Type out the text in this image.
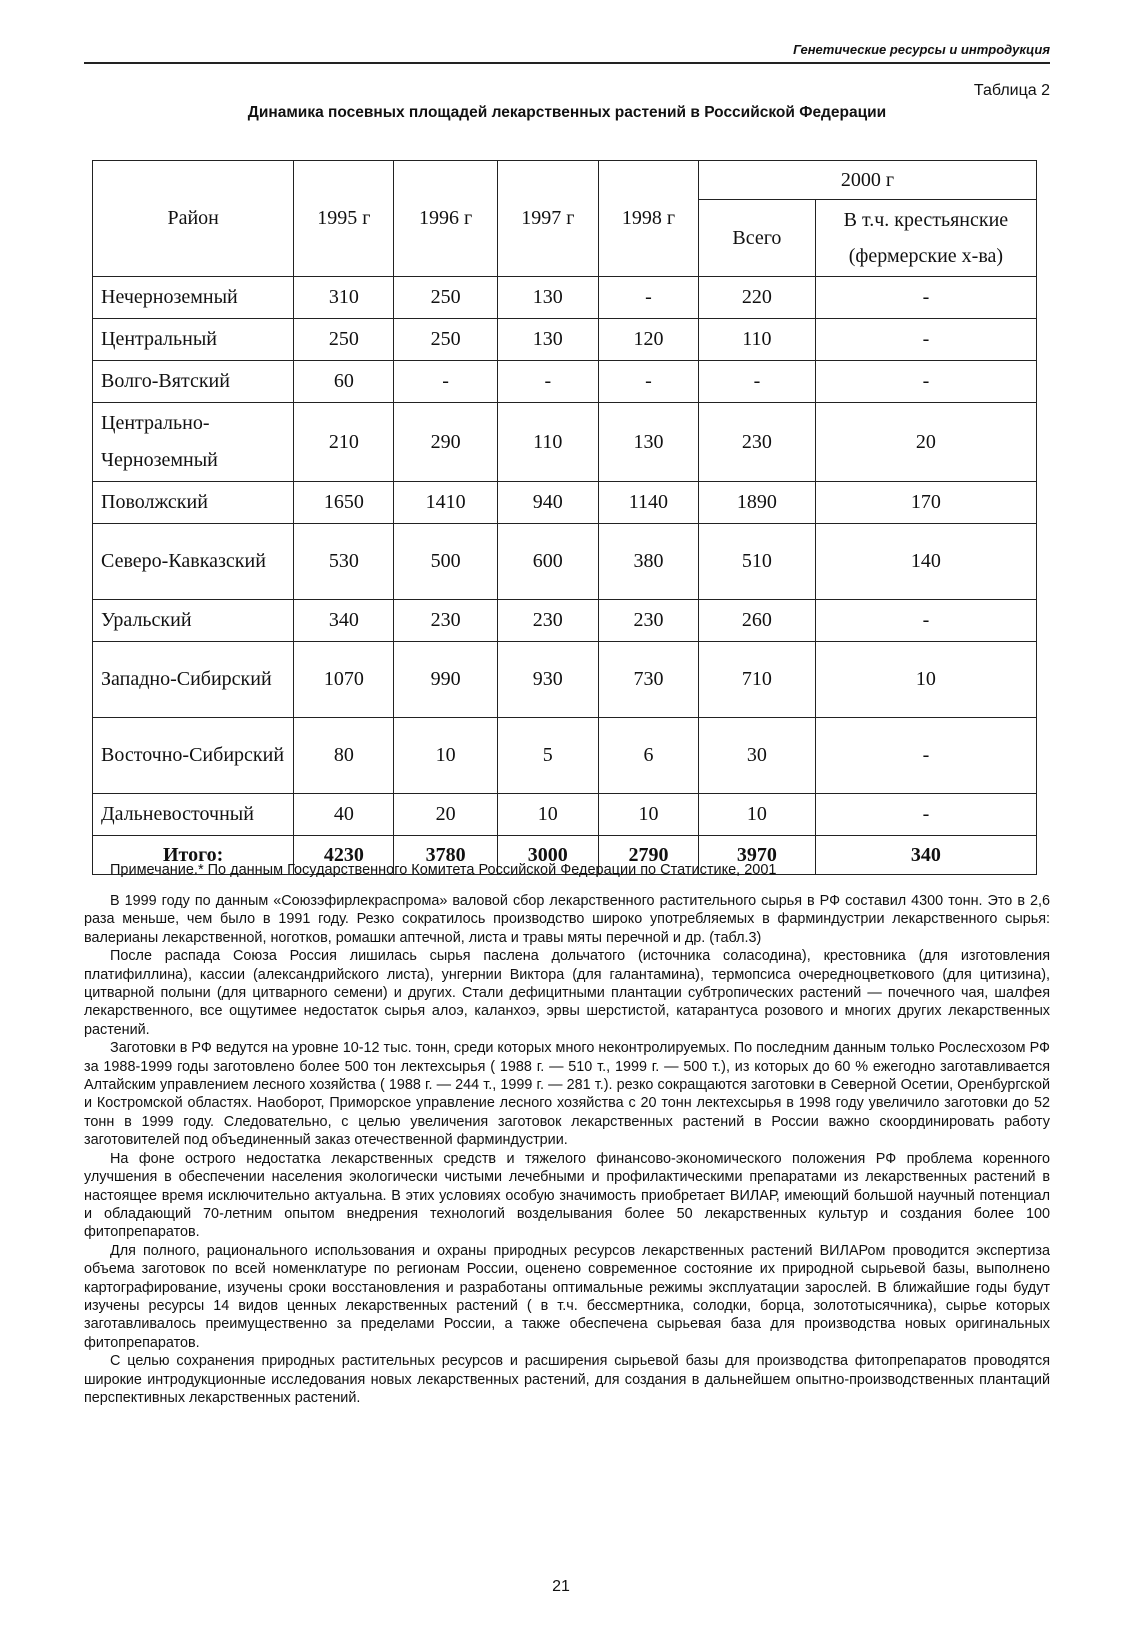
Генетические ресурсы и интродукция
Таблица 2
Динамика посевных площадей лекарственных растений в Российской Федерации
Район	1995 г	1996 г	1997 г	1998 г	2000 г	
					Всего	В т.ч. крестьянские (фермерские х-ва)
Нечерноземный	310	250	130	-	220	-
Центральный	250	250	130	120	110	-
Волго-Вятский	60	-	-	-	-	-
Центрально-Черноземный	210	290	110	130	230	20
Поволжский	1650	1410	940	1140	1890	170
Северо-Кавказский	530	500	600	380	510	140
Уральский	340	230	230	230	260	-
Западно-Сибирский	1070	990	930	730	710	10
Восточно-Сибирский	80	10	5	6	30	-
Дальневосточный	40	20	10	10	10	-
Итого:	4230	3780	3000	2790	3970	340
Примечание.* По данным Государственного Комитета Российской Федерации по Статистике, 2001

В 1999 году по данным «Союзэфирлекраспрома» валовой сбор лекарственного растительного сырья в РФ составил 4300 тонн. Это в 2,6 раза меньше, чем было в 1991 году. Резко сократилось производство широко употребляемых в фарминдустрии лекарственного сырья: валерианы лекарственной, ноготков, ромашки аптечной, листа и травы мяты перечной и др. (табл.3)

После распада Союза Россия лишилась сырья паслена дольчатого (источника соласодина), крестовника (для изготовления платифиллина), кассии (александрийского листа), унгернии Виктора (для галантамина), термопсиса очередноцветкового (для цитизина), цитварной полыни (для цитварного семени) и других. Стали дефицитными плантации субтропических растений — почечного чая, шалфея лекарственного, все ощутимее недостаток сырья алоэ, каланхоэ, эрвы шерстистой, катарантуса розового и многих других лекарственных растений.

Заготовки в РФ ведутся на уровне 10-12 тыс. тонн, среди которых много неконтролируемых. По последним данным только Рослесхозом РФ за 1988-1999 годы заготовлено более 500 тон лектехсырья ( 1988 г. — 510 т., 1999 г. — 500 т.), из которых до 60 % ежегодно заготавливается Алтайским управлением лесного хозяйства ( 1988 г. — 244 т., 1999 г. — 281 т.). резко сокращаются заготовки в Северной Осетии, Оренбургской и Костромской областях. Наоборот, Приморское управление лесного хозяйства с 20 тонн лектехсырья в 1998 году увеличило заготовки до 52 тонн в 1999 году. Следовательно, с целью увеличения заготовок лекарственных растений в России важно скоординировать работу заготовителей под объединенный заказ отечественной фарминдустрии.

На фоне острого недостатка лекарственных средств и тяжелого финансово-экономического положения РФ проблема коренного улучшения в обеспечении населения экологически чистыми лечебными и профилактическими препаратами из лекарственных растений в настоящее время исключительно актуальна. В этих условиях особую значимость приобретает ВИЛАР, имеющий большой научный потенциал и обладающий 70-летним опытом внедрения технологий возделывания более 50 лекарственных культур и создания более 100 фитопрепаратов.

Для полного, рационального использования и охраны природных ресурсов лекарственных растений ВИЛАРом проводится экспертиза объема заготовок по всей номенклатуре по регионам России, оценено современное состояние их природной сырьевой базы, выполнено картографирование, изучены сроки восстановления и разработаны оптимальные режимы эксплуатации зарослей. В ближайшие годы будут изучены ресурсы 14 видов ценных лекарственных растений ( в т.ч. бессмертника, солодки, борца, золототысячника), сырье которых заготавливалось преимущественно за пределами России, а также обеспечена сырьевая база для производства новых оригинальных фитопрепаратов.

С целью сохранения природных растительных ресурсов и расширения сырьевой базы для производства фитопрепаратов проводятся широкие интродукционные исследования новых лекарственных растений, для создания в дальнейшем опытно-производственных плантаций перспективных лекарственных растений.

21
